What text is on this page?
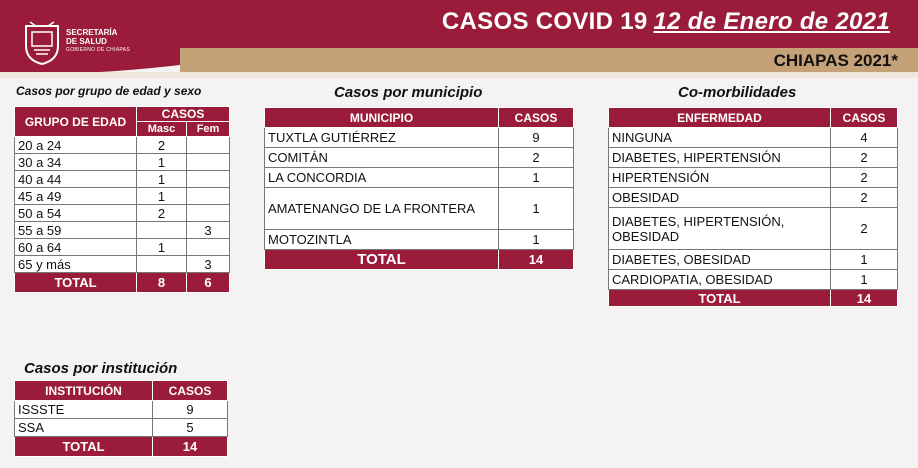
SECRETARÍA
DE SALUD
GOBIERNO DE CHIAPAS
CASOS COVID 19 12 de Enero de 2021
CHIAPAS 2021*
Casos por grupo de edad y sexo
GRUPO DE EDAD	CASOS	
	Masc	Fem
20 a 24	2	
30 a 34	1	
40 a 44	1	
45 a 49	1	
50 a 54	2	
55 a 59		3
60 a 64	1	
65 y más		3
TOTAL	8	6
Casos por municipio
MUNICIPIO	CASOS
TUXTLA GUTIÉRREZ	9
COMITÁN	2
LA CONCORDIA	1
AMATENANGO DE LA FRONTERA	1
MOTOZINTLA	1
TOTAL	14
Co-morbilidades
ENFERMEDAD	CASOS
NINGUNA	4
DIABETES, HIPERTENSIÓN	2
HIPERTENSIÓN	2
OBESIDAD	2
DIABETES, HIPERTENSIÓN, OBESIDAD	2
DIABETES, OBESIDAD	1
CARDIOPATIA, OBESIDAD	1
TOTAL	14
Casos por institución
INSTITUCIÓN	CASOS
ISSSTE	9
SSA	5
TOTAL	14
